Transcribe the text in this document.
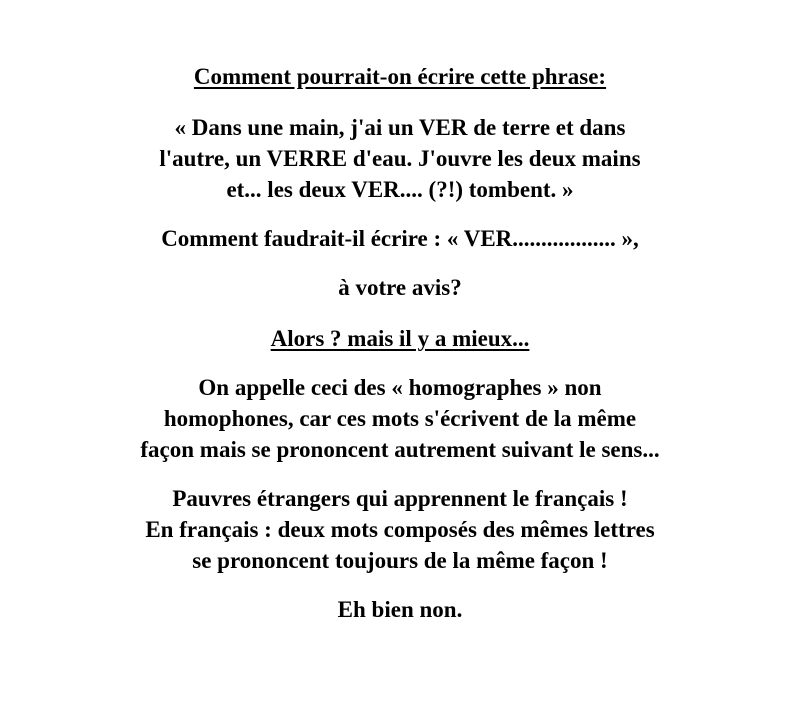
Comment pourrait-on écrire cette phrase:
« Dans une main, j'ai un VER de terre et dans
l'autre, un VERRE d'eau. J'ouvre les deux mains
et... les deux VER.... (?!) tombent. »
Comment faudrait-il écrire : « VER.................. »,
à votre avis?
Alors ? mais il y a mieux...
On appelle ceci des « homographes » non
homophones, car ces mots s'écrivent de la même
façon mais se prononcent autrement suivant le sens...
Pauvres étrangers qui apprennent le français !
En français : deux mots composés des mêmes lettres
se prononcent toujours de la même façon !
Eh bien non.
